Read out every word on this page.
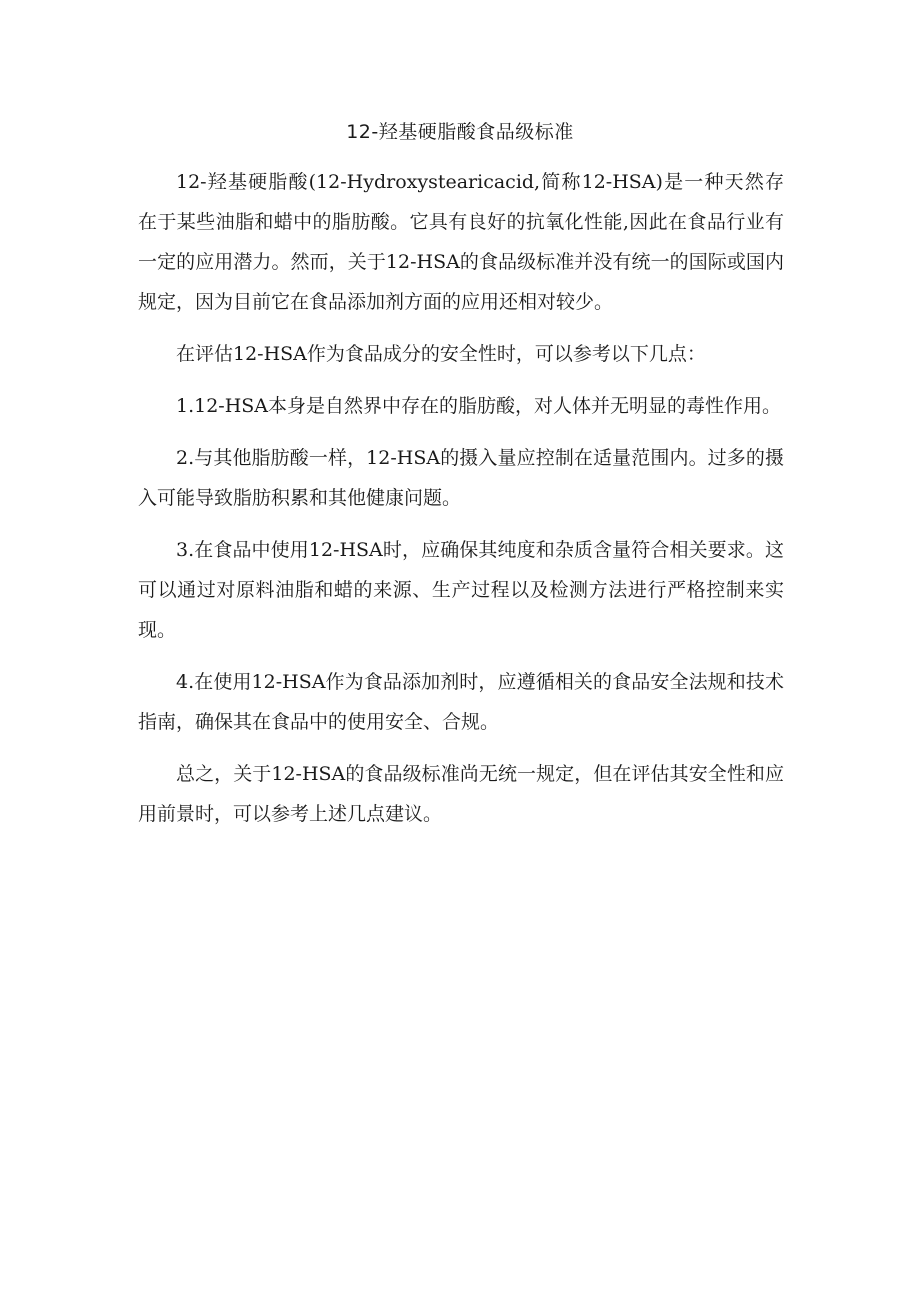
12-羟基硬脂酸食品级标准

12-羟基硬脂酸(12-Hydroxystearicacid,简称12-HSA)是一种天然存在于某些油脂和蜡中的脂肪酸。它具有良好的抗氧化性能,因此在食品行业有一定的应用潜力。然而，关于12-HSA的食品级标准并没有统一的国际或国内规定，因为目前它在食品添加剂方面的应用还相对较少。

在评估12-HSA作为食品成分的安全性时，可以参考以下几点：

1.12-HSA本身是自然界中存在的脂肪酸，对人体并无明显的毒性作用。

2.与其他脂肪酸一样，12-HSA的摄入量应控制在适量范围内。过多的摄入可能导致脂肪积累和其他健康问题。

3.在食品中使用12-HSA时，应确保其纯度和杂质含量符合相关要求。这可以通过对原料油脂和蜡的来源、生产过程以及检测方法进行严格控制来实现。

4.在使用12-HSA作为食品添加剂时，应遵循相关的食品安全法规和技术指南，确保其在食品中的使用安全、合规。

总之，关于12-HSA的食品级标准尚无统一规定，但在评估其安全性和应用前景时，可以参考上述几点建议。
